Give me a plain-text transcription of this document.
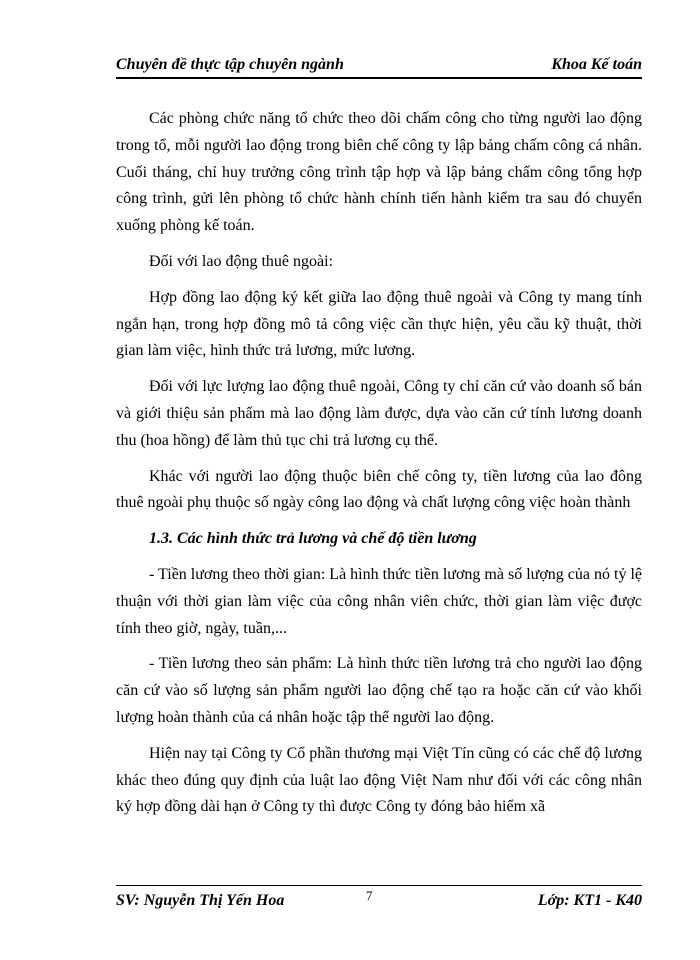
Chuyên đề thực tập chuyên ngành	Khoa Kế toán

Các phòng chức năng tổ chức theo dõi chấm công cho từng người lao động trong tổ, mỗi người lao động trong biên chế công ty lập bảng chấm công cá nhân. Cuối tháng, chỉ huy trưởng công trình tập hợp và lập bảng chấm công tổng hợp công trình, gửi lên phòng tổ chức hành chính tiến hành kiểm tra sau đó chuyển xuống phòng kế toán.

Đối với lao động thuê ngoài:

Hợp đồng lao động ký kết giữa lao động thuê ngoài và Công ty mang tính ngắn hạn, trong hợp đồng mô tả công việc cần thực hiện, yêu cầu kỹ thuật, thời gian làm việc, hình thức trả lương, mức lương.

Đối với lực lượng lao động thuê ngoài, Công ty chỉ căn cứ vào doanh số bán và giới thiệu sản phẩm mà lao động làm được, dựa vào căn cứ tính lương doanh thu (hoa hồng) để làm thủ tục chi trả lương cụ thể.

Khác với người lao động thuộc biên chế công ty, tiền lương của lao đông thuê ngoài phụ thuộc số ngày công lao động và chất lượng công việc hoàn thành

1.3. Các hình thức trả lương và chế độ tiền lương

- Tiền lương theo thời gian: Là hình thức tiền lương mà số lượng của nó tỷ lệ thuận với thời gian làm việc của công nhân viên chức, thời gian làm việc được tính theo giờ, ngày, tuần,...

- Tiền lương theo sản phẩm: Là hình thức tiền lương trả cho người lao động căn cứ vào số lượng sản phẩm người lao động chế tạo ra hoặc căn cứ vào khối lượng hoàn thành của cá nhân hoặc tập thể người lao động.

Hiện nay tại Công ty Cổ phần thương mại Việt Tín cũng có các chế độ lương khác theo đúng quy định của luật lao động Việt Nam như đối với các công nhân ký hợp đồng dài hạn ở Công ty thì được Công ty đóng bảo hiểm xã

SV: Nguyễn Thị Yến Hoa	7	Lớp: KT1 - K40
